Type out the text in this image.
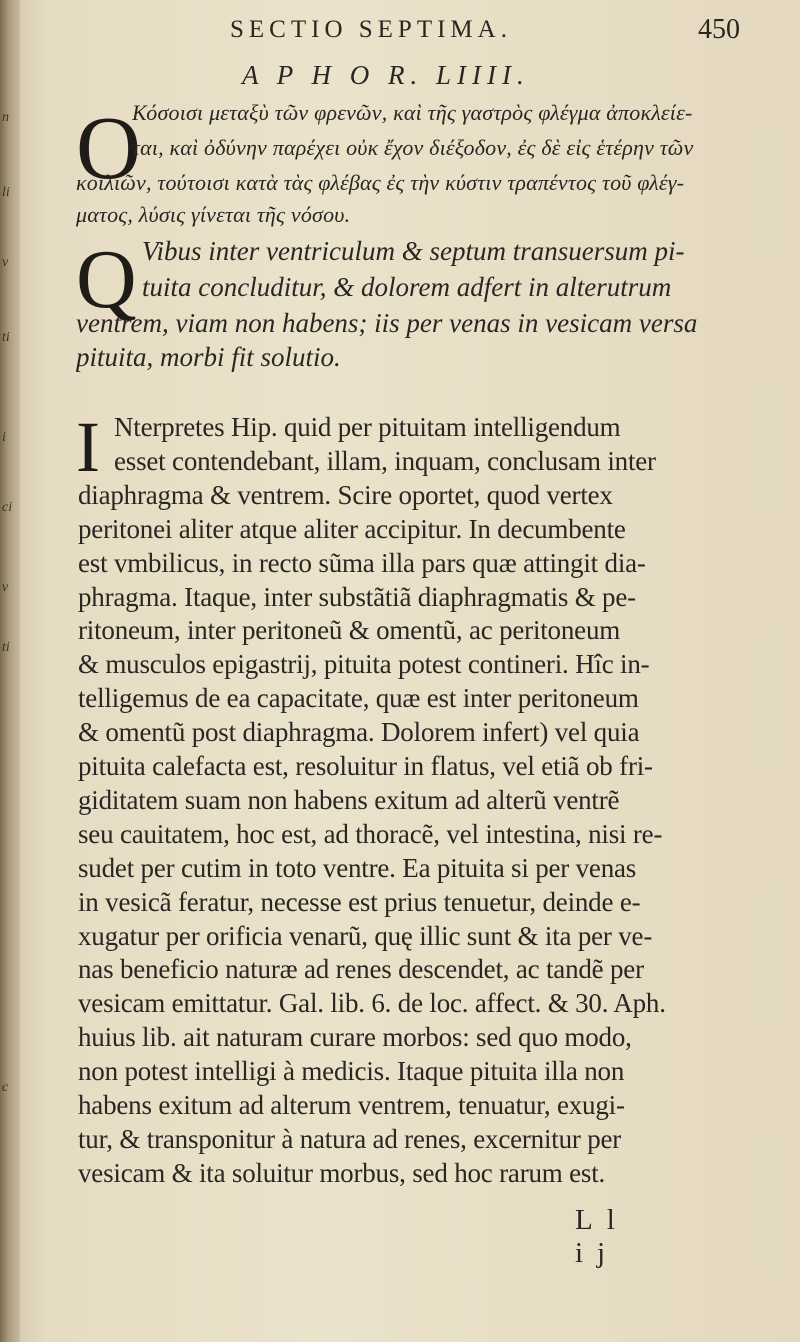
n
li
v
ti
i
ci
v
ti
c
SECTIO SEPTIMA.	450
A P H O R. LIIII.
O
Κόσοισι μεταξὺ τῶν φρενῶν, καὶ τῆς γαστρὸς φλέγμα ἀποκλείε-
ται, καὶ ὀδύνην παρέχει οὐκ ἔχον διέξοδον, ἐς δὲ εἰς ἑτέρην τῶν
κοιλιῶν, τούτοισι κατὰ τὰς φλέβας ἐς τὴν κύστιν τραπέντος τοῦ φλέγ-
ματος, λύσις γίνεται τῆς νόσου.
Q Vibus inter ventriculum & septum transuersum pi-
tuita concluditur, & dolorem adfert in alterutrum
ventrem, viam non habens; iis per venas in vesicam versa
pituita, morbi fit solutio.
I Nterpretes Hip. quid per pituitam intelligendum
esset contendebant, illam, inquam, conclusam inter
diaphragma & ventrem. Scire oportet, quod vertex
peritonei aliter atque aliter accipitur. In decumbente
est vmbilicus, in recto sũma illa pars quæ attingit dia-
phragma. Itaque, inter substãtiã diaphragmatis & pe-
ritoneum, inter peritoneũ & omentũ, ac peritoneum
& musculos epigastrij, pituita potest contineri. Hîc in-
telligemus de ea capacitate, quæ est inter peritoneum
& omentũ post diaphragma. Dolorem infert) vel quia
pituita calefacta est, resoluitur in flatus, vel etiã ob fri-
giditatem suam non habens exitum ad alterũ ventrẽ
seu cauitatem, hoc est, ad thoracẽ, vel intestina, nisi re-
sudet per cutim in toto ventre. Ea pituita si per venas
in vesicã feratur, necesse est prius tenuetur, deinde e-
xugatur per orificia venarũ, quę illic sunt & ita per ve-
nas beneficio naturæ ad renes descendet, ac tandẽ per
vesicam emittatur. Gal. lib. 6. de loc. affect. & 30. Aph.
huius lib. ait naturam curare morbos: sed quo modo,
non potest intelligi à medicis. Itaque pituita illa non
habens exitum ad alterum ventrem, tenuatur, exugi-
tur, & transponitur à natura ad renes, excernitur per
vesicam & ita soluitur morbus, sed hoc rarum est.
Ll ij
